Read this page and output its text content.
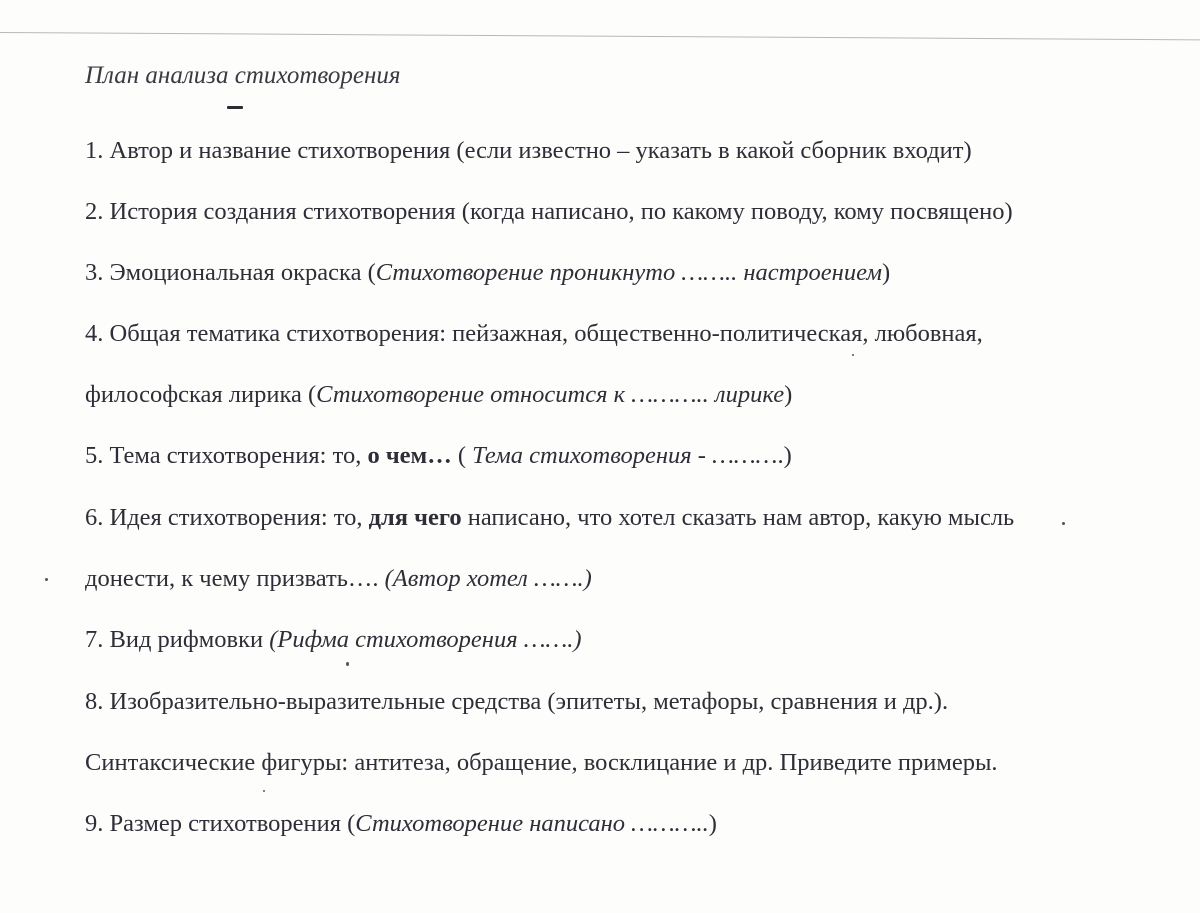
План анализа стихотворения
1. Автор и название стихотворения (если известно – указать в какой сборник входит)
2. История создания стихотворения (когда написано, по какому поводу, кому посвящено)
3. Эмоциональная окраска (Стихотворение проникнуто …….. настроением)
4. Общая тематика стихотворения: пейзажная, общественно-политическая, любовная,
философская лирика (Стихотворение относится к ……….. лирике)
5. Тема стихотворения: то, о чем… ( Тема стихотворения - ……….)
6. Идея стихотворения: то, для чего написано, что хотел сказать нам автор, какую мысль
донести, к чему призвать…. (Автор хотел …….)
7. Вид рифмовки (Рифма стихотворения …….)
8. Изобразительно-выразительные средства (эпитеты, метафоры, сравнения и др.).
Синтаксические фигуры: антитеза, обращение, восклицание и др. Приведите примеры.
9. Размер стихотворения (Стихотворение написано ………..)
